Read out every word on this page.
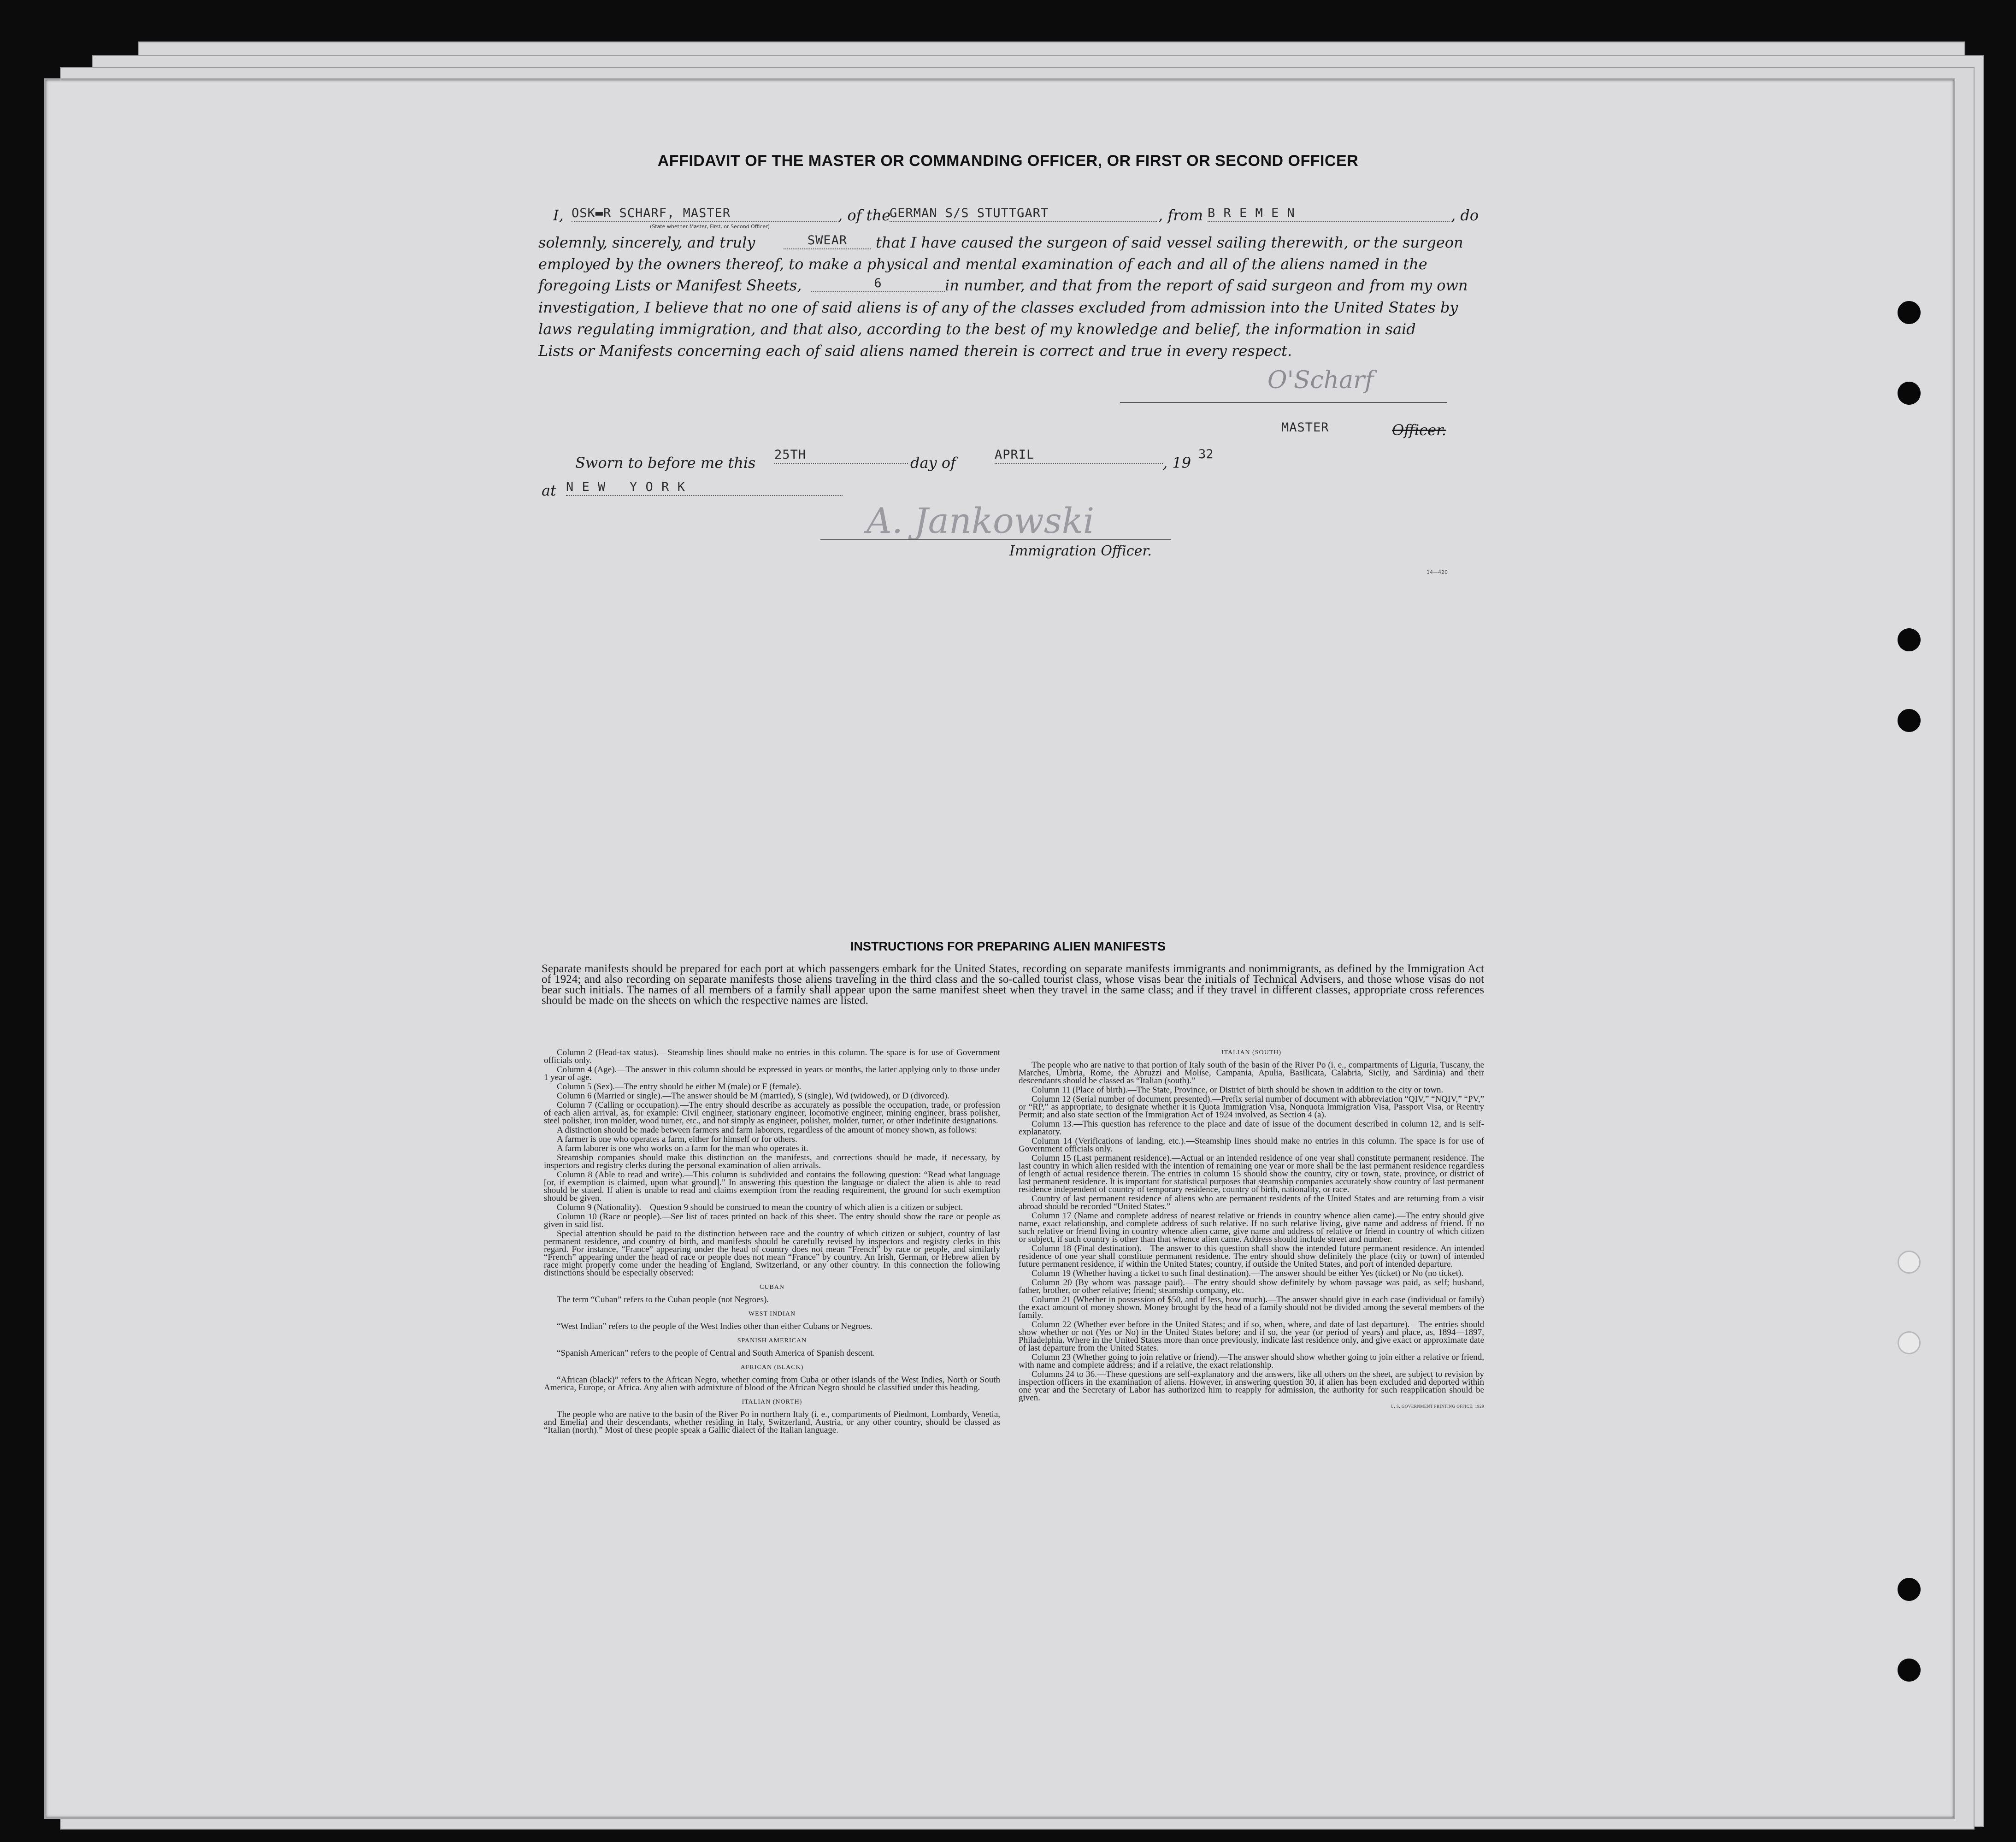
AFFIDAVIT OF THE MASTER OR COMMANDING OFFICER, OR FIRST OR SECOND OFFICER
I, OSK▬R SCHARF, MASTER
(State whether Master, First, or Second Officer)
, of the
GERMAN S/S STUTTGART	, from B R E M E N	, do
solemnly, sincerely, and truly	SWEAR	that I have caused the surgeon of said vessel sailing therewith, or the surgeon
employed by the owners thereof, to make a physical and mental examination of each and all of the aliens named in the
foregoing Lists or Manifest Sheets,	6	in number, and that from the report of said surgeon and from my own
investigation, I believe that no one of said aliens is of any of the classes excluded from admission into the United States by
laws regulating immigration, and that also, according to the best of my knowledge and belief, the information in said
Lists or Manifests concerning each of said aliens named therein is correct and true in every respect.
O'Scharf
MASTER	Officer.
Sworn to before me this 25TH	day of	APRIL	, 19 32
at N E W   Y O R K
A. Jankowski
Immigration Officer.
14—420
INSTRUCTIONS FOR PREPARING ALIEN MANIFESTS
Separate manifests should be prepared for each port at which passengers embark for the United States, recording on separate manifests immigrants and nonimmigrants, as defined by the Immigration Act of 1924; and also recording on separate manifests those aliens traveling in the third class and the so-called tourist class, whose visas bear the initials of Technical Advisers, and those whose visas do not bear such initials. The names of all members of a family shall appear upon the same manifest sheet when they travel in the same class; and if they travel in different classes, appropriate cross references should be made on the sheets on which the respective names are listed.

Column 2 (Head-tax status).—Steamship lines should make no entries in this column. The space is for use of Government officials only.

Column 4 (Age).—The answer in this column should be expressed in years or months, the latter applying only to those under 1 year of age.

Column 5 (Sex).—The entry should be either M (male) or F (female).

Column 6 (Married or single).—The answer should be M (married), S (single), Wd (widowed), or D (divorced).

Column 7 (Calling or occupation).—The entry should describe as accurately as possible the occupation, trade, or profession of each alien arrival, as, for example: Civil engineer, stationary engineer, locomotive engineer, mining engineer, brass polisher, steel polisher, iron molder, wood turner, etc., and not simply as engineer, polisher, molder, turner, or other indefinite designations.

A distinction should be made between farmers and farm laborers, regardless of the amount of money shown, as follows:

A farmer is one who operates a farm, either for himself or for others.

A farm laborer is one who works on a farm for the man who operates it.

Steamship companies should make this distinction on the manifests, and corrections should be made, if necessary, by inspectors and registry clerks during the personal examination of alien arrivals.

Column 8 (Able to read and write).—This column is subdivided and contains the following question: “Read what language [or, if exemption is claimed, upon what ground].” In answering this question the language or dialect the alien is able to read should be stated. If alien is unable to read and claims exemption from the reading requirement, the ground for such exemption should be given.

Column 9 (Nationality).—Question 9 should be construed to mean the country of which alien is a citizen or subject.

Column 10 (Race or people).—See list of races printed on back of this sheet. The entry should show the race or people as given in said list.

Special attention should be paid to the distinction between race and the country of which citizen or subject, country of last permanent residence, and country of birth, and manifests should be carefully revised by inspectors and registry clerks in this regard. For instance, “France” appearing under the head of country does not mean “French” by race or people, and similarly “French” appearing under the head of race or people does not mean “France” by country. An Irish, German, or Hebrew alien by race might properly come under the heading of England, Switzerland, or any other country. In this connection the following distinctions should be especially observed:

CUBAN

The term “Cuban” refers to the Cuban people (not Negroes).

WEST INDIAN

“West Indian” refers to the people of the West Indies other than either Cubans or Negroes.

SPANISH AMERICAN

“Spanish American” refers to the people of Central and South America of Spanish descent.

AFRICAN (BLACK)

“African (black)” refers to the African Negro, whether coming from Cuba or other islands of the West Indies, North or South America, Europe, or Africa. Any alien with admixture of blood of the African Negro should be classified under this heading.

ITALIAN (NORTH)

The people who are native to the basin of the River Po in northern Italy (i. e., compartments of Piedmont, Lombardy, Venetia, and Emelia) and their descendants, whether residing in Italy, Switzerland, Austria, or any other country, should be classed as “Italian (north).” Most of these people speak a Gallic dialect of the Italian language.

ITALIAN (SOUTH)

The people who are native to that portion of Italy south of the basin of the River Po (i. e., compartments of Liguria, Tuscany, the Marches, Umbria, Rome, the Abruzzi and Molise, Campania, Apulia, Basilicata, Calabria, Sicily, and Sardinia) and their descendants should be classed as “Italian (south).”

Column 11 (Place of birth).—The State, Province, or District of birth should be shown in addition to the city or town.

Column 12 (Serial number of document presented).—Prefix serial number of document with abbreviation “QIV,” “NQIV,” “PV,” or “RP,” as appropriate, to designate whether it is Quota Immigration Visa, Nonquota Immigration Visa, Passport Visa, or Reentry Permit; and also state section of the Immigration Act of 1924 involved, as Section 4 (a).

Column 13.—This question has reference to the place and date of issue of the document described in column 12, and is self-explanatory.

Column 14 (Verifications of landing, etc.).—Steamship lines should make no entries in this column. The space is for use of Government officials only.

Column 15 (Last permanent residence).—Actual or an intended residence of one year shall constitute permanent residence. The last country in which alien resided with the intention of remaining one year or more shall be the last permanent residence regardless of length of actual residence therein. The entries in column 15 should show the country, city or town, state, province, or district of last permanent residence. It is important for statistical purposes that steamship companies accurately show country of last permanent residence independent of country of temporary residence, country of birth, nationality, or race.

Country of last permanent residence of aliens who are permanent residents of the United States and are returning from a visit abroad should be recorded “United States.”

Column 17 (Name and complete address of nearest relative or friends in country whence alien came).—The entry should give name, exact relationship, and complete address of such relative. If no such relative living, give name and address of friend. If no such relative or friend living in country whence alien came, give name and address of relative or friend in country of which citizen or subject, if such country is other than that whence alien came. Address should include street and number.

Column 18 (Final destination).—The answer to this question shall show the intended future permanent residence. An intended residence of one year shall constitute permanent residence. The entry should show definitely the place (city or town) of intended future permanent residence, if within the United States; country, if outside the United States, and port of intended departure.

Column 19 (Whether having a ticket to such final destination).—The answer should be either Yes (ticket) or No (no ticket).

Column 20 (By whom was passage paid).—The entry should show definitely by whom passage was paid, as self; husband, father, brother, or other relative; friend; steamship company, etc.

Column 21 (Whether in possession of $50, and if less, how much).—The answer should give in each case (individual or family) the exact amount of money shown. Money brought by the head of a family should not be divided among the several members of the family.

Column 22 (Whether ever before in the United States; and if so, when, where, and date of last departure).—The entries should show whether or not (Yes or No) in the United States before; and if so, the year (or period of years) and place, as, 1894—1897, Philadelphia. Where in the United States more than once previously, indicate last residence only, and give exact or approximate date of last departure from the United States.

Column 23 (Whether going to join relative or friend).—The answer should show whether going to join either a relative or friend, with name and complete address; and if a relative, the exact relationship.

Columns 24 to 36.—These questions are self-explanatory and the answers, like all others on the sheet, are subject to revision by inspection officers in the examination of aliens. However, in answering question 30, if alien has been excluded and deported within one year and the Secretary of Labor has authorized him to reapply for admission, the authority for such reapplication should be given.

U. S. GOVERNMENT PRINTING OFFICE: 1929
